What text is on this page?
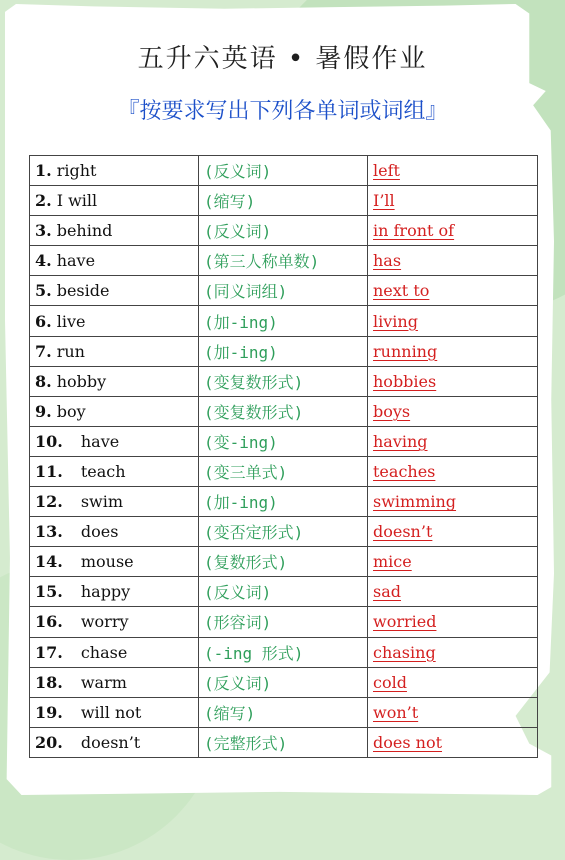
五升六英语 • 暑假作业
『按要求写出下列各单词或词组』
1. right	(反义词)	left
2. I will	(缩写)	I’ll
3. behind	(反义词)	in front of
4. have	(第三人称单数)	has
5. beside	(同义词组)	next to
6. live	(加-ing)	living
7. run	(加-ing)	running
8. hobby	(变复数形式)	hobbies
9. boy	(变复数形式)	boys
10. have	(变-ing)	having
11. teach	(变三单式)	teaches
12. swim	(加-ing)	swimming
13. does	(变否定形式)	doesn’t
14. mouse	(复数形式)	mice
15. happy	(反义词)	sad
16. worry	(形容词)	worried
17. chase	(-ing 形式)	chasing
18. warm	(反义词)	cold
19. will not	(缩写)	won’t
20. doesn’t	(完整形式)	does not
